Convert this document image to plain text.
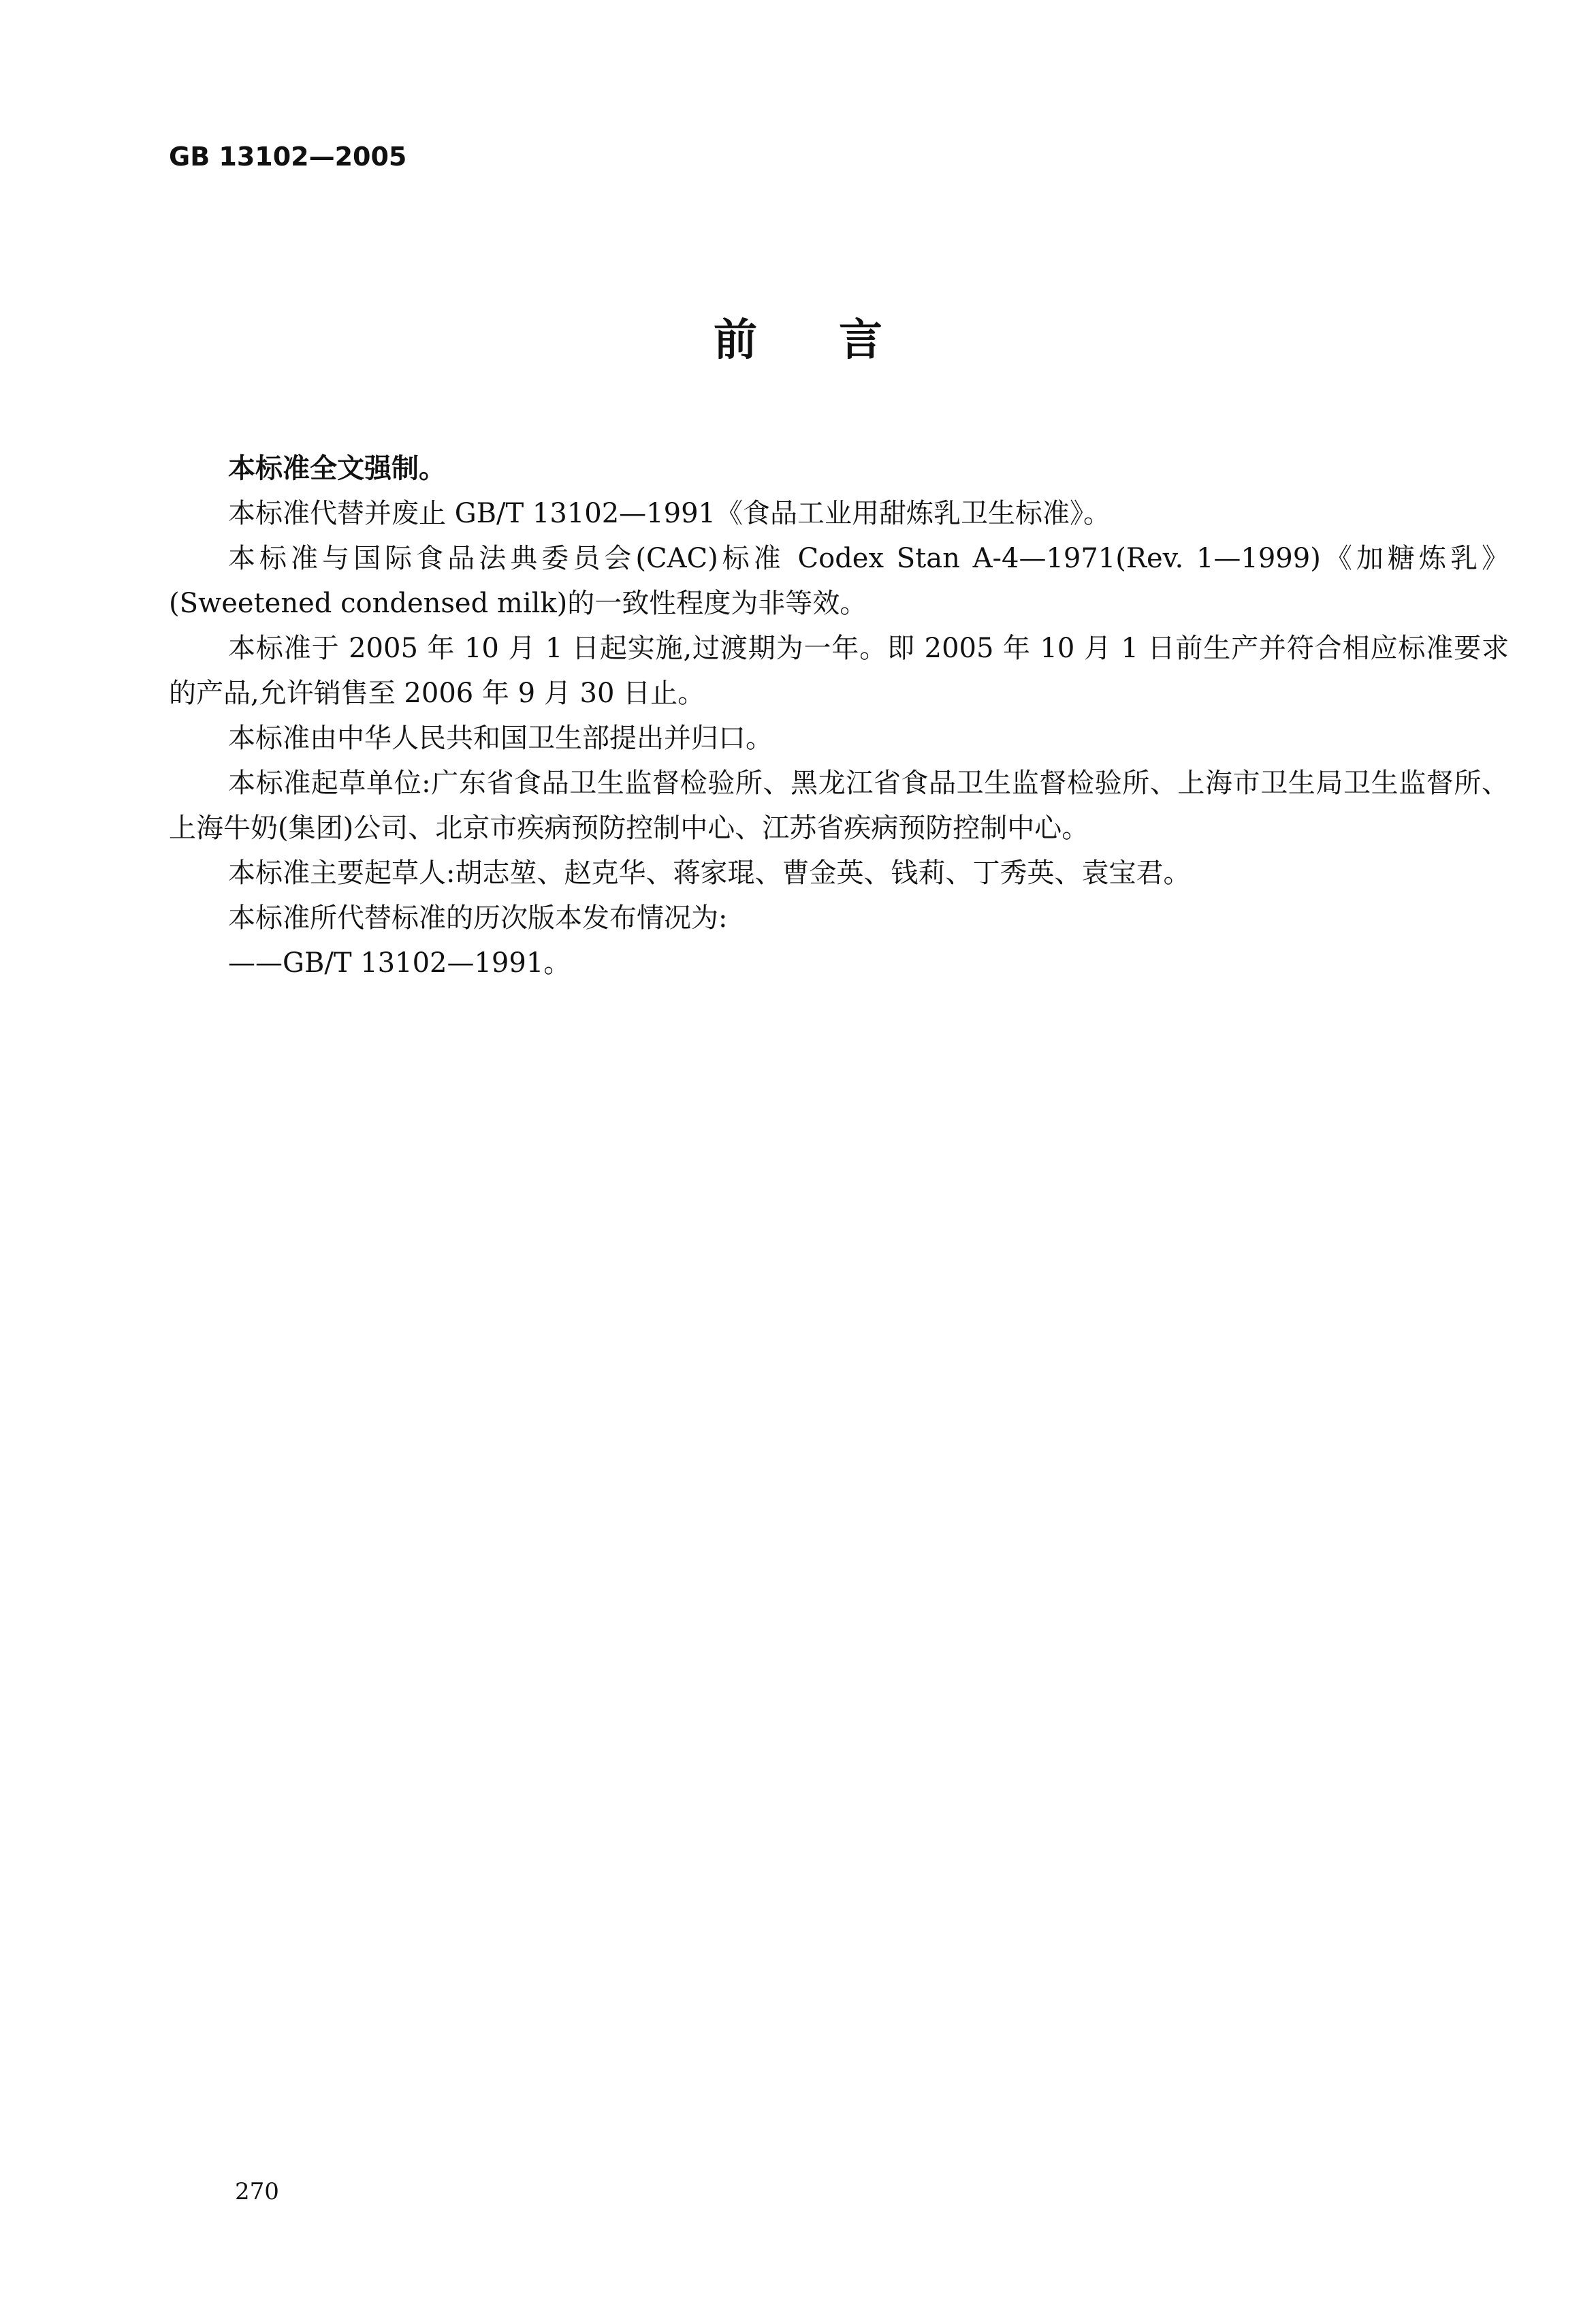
GB 13102—2005
前言

本标准全文强制。

本标准代替并废止 GB/T 13102—1991《食品工业用甜炼乳卫生标准》。

本标准与国际食品法典委员会(CAC)标准 Codex Stan A-4—1971(Rev. 1—1999)《加糖炼乳》(Sweetened condensed milk)的一致性程度为非等效。

本标准于 2005 年 10 月 1 日起实施,过渡期为一年。即 2005 年 10 月 1 日前生产并符合相应标准要求的产品,允许销售至 2006 年 9 月 30 日止。

本标准由中华人民共和国卫生部提出并归口。

本标准起草单位:广东省食品卫生监督检验所、黑龙江省食品卫生监督检验所、上海市卫生局卫生监督所、上海牛奶(集团)公司、北京市疾病预防控制中心、江苏省疾病预防控制中心。

本标准主要起草人:胡志堃、赵克华、蒋家琨、曹金英、钱莉、丁秀英、袁宝君。

本标准所代替标准的历次版本发布情况为:

——GB/T 13102—1991。

270
